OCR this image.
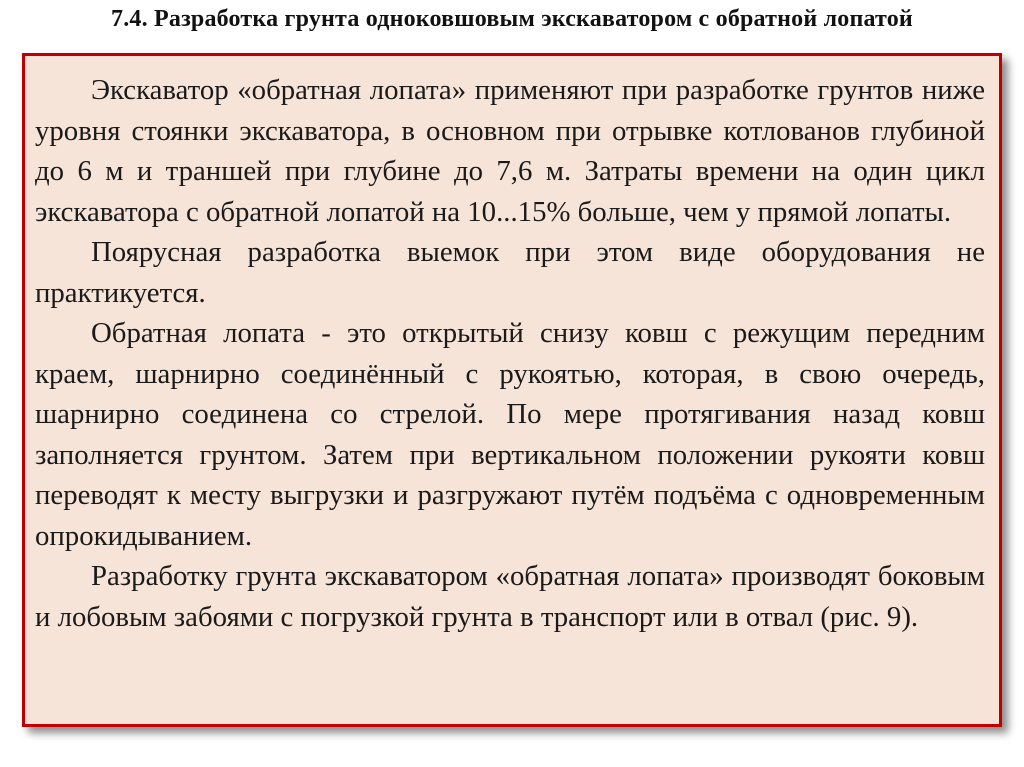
7.4. Разработка грунта одноковшовым экскаватором с обратной лопатой

Экскаватор «обратная лопата» применяют при разработке грунтов ниже уровня стоянки экскаватора, в основном при отрывке котлованов глубиной до 6 м и траншей при глубине до 7,6 м. Затраты времени на один цикл экскаватора с обратной лопатой на 10...15% больше, чем у прямой лопаты.

Поярусная разработка выемок при этом виде оборудования не практикуется.

Обратная лопата - это открытый снизу ковш с режущим передним краем, шарнирно соединённый с рукоятью, которая, в свою очередь, шарнирно соединена со стрелой. По мере протягивания назад ковш заполняется грунтом. Затем при вертикальном положении рукояти ковш переводят к месту выгрузки и разгружают путём подъёма с одновременным опрокидыванием.

Разработку грунта экскаватором «обратная лопата» производят боковым и лобовым забоями с погрузкой грунта в транспорт или в отвал (рис. 9).
